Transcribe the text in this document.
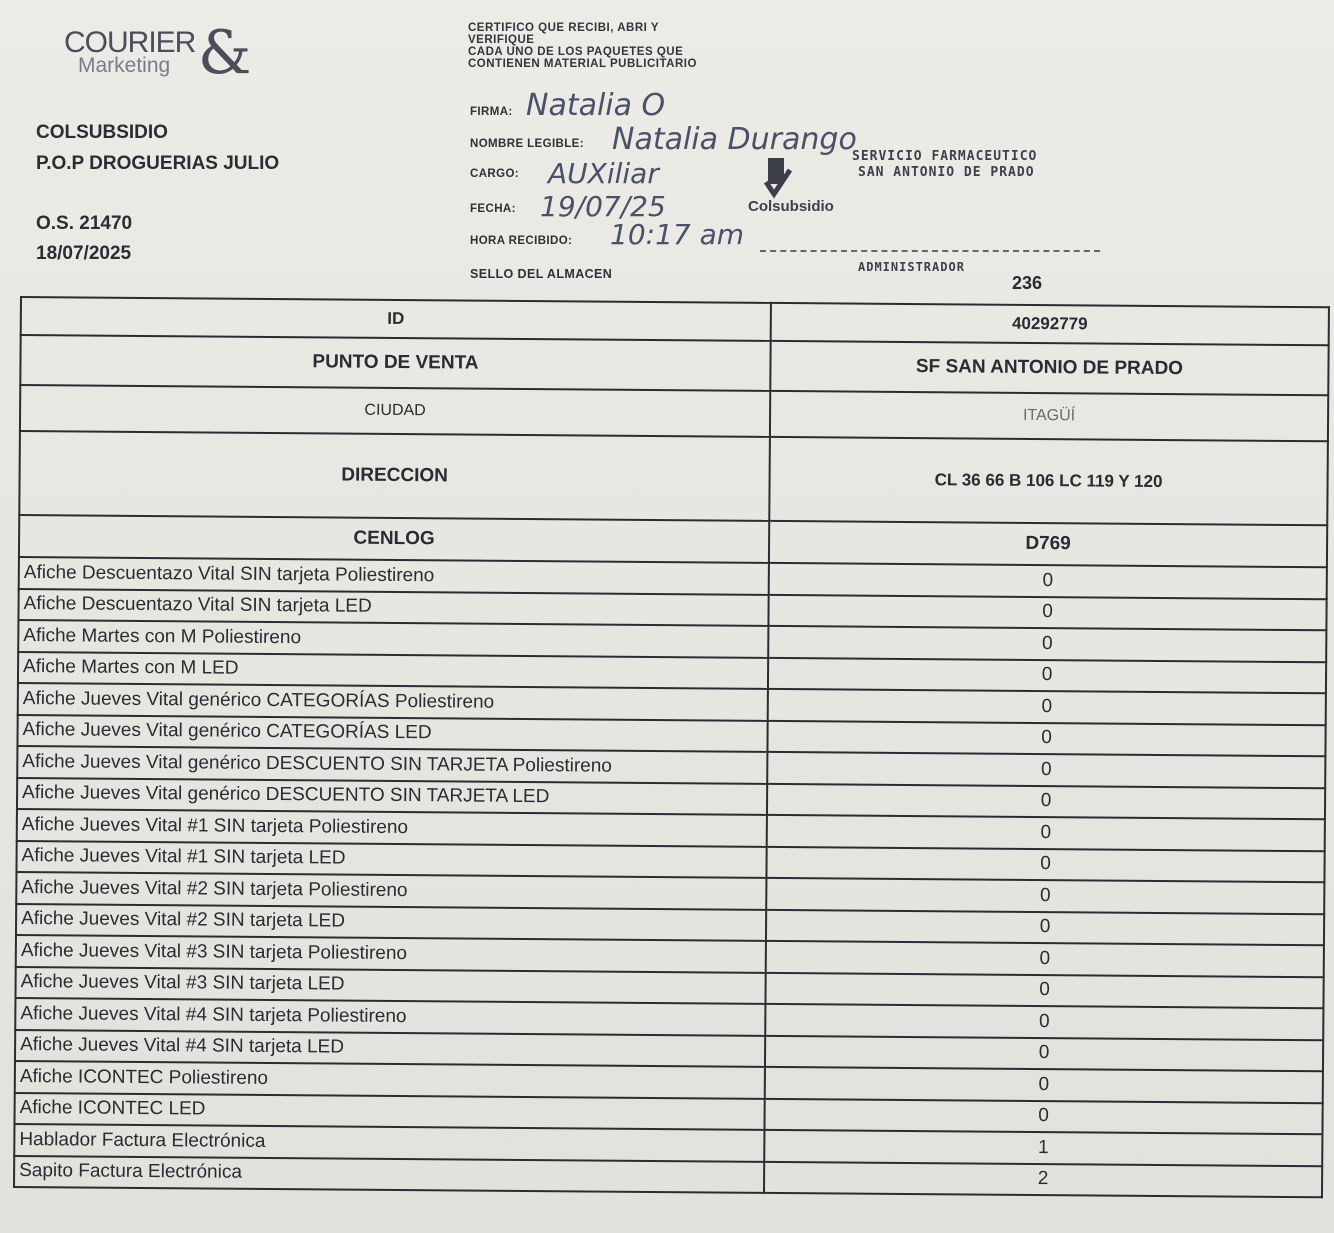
COURIER
Marketing &
COLSUBSIDIO
P.O.P DROGUERIAS JULIO
O.S. 21470
18/07/2025
CERTIFICO QUE RECIBI, ABRI Y
VERIFIQUE
CADA UNO DE LOS PAQUETES QUE
CONTIENEN MATERIAL PUBLICITARIO
FIRMA: Natalia O
NOMBRE LEGIBLE: Natalia Durango
CARGO: AUXiliar
FECHA: 19/07/25
HORA RECIBIDO: 10:17 am
SELLO DEL ALMACEN
SERVICIO FARMACEUTICO
SAN ANTONIO DE PRADO
Colsubsidio
ADMINISTRADOR
236
ID	40292779
PUNTO DE VENTA	SF SAN ANTONIO DE PRADO
CIUDAD	ITAGÜÍ
DIRECCION	CL 36 66 B 106 LC 119 Y 120
CENLOG	D769
Afiche Descuentazo Vital SIN tarjeta Poliestireno	0
Afiche Descuentazo Vital SIN tarjeta LED	0
Afiche Martes con M Poliestireno	0
Afiche Martes con M LED	0
Afiche Jueves Vital genérico CATEGORÍAS Poliestireno	0
Afiche Jueves Vital genérico CATEGORÍAS LED	0
Afiche Jueves Vital genérico DESCUENTO SIN TARJETA Poliestireno	0
Afiche Jueves Vital genérico DESCUENTO SIN TARJETA LED	0
Afiche Jueves Vital #1 SIN tarjeta Poliestireno	0
Afiche Jueves Vital #1 SIN tarjeta LED	0
Afiche Jueves Vital #2 SIN tarjeta Poliestireno	0
Afiche Jueves Vital #2 SIN tarjeta LED	0
Afiche Jueves Vital #3 SIN tarjeta Poliestireno	0
Afiche Jueves Vital #3 SIN tarjeta LED	0
Afiche Jueves Vital #4 SIN tarjeta Poliestireno	0
Afiche Jueves Vital #4 SIN tarjeta LED	0
Afiche ICONTEC Poliestireno	0
Afiche ICONTEC LED	0
Hablador Factura Electrónica	1
Sapito Factura Electrónica	2
